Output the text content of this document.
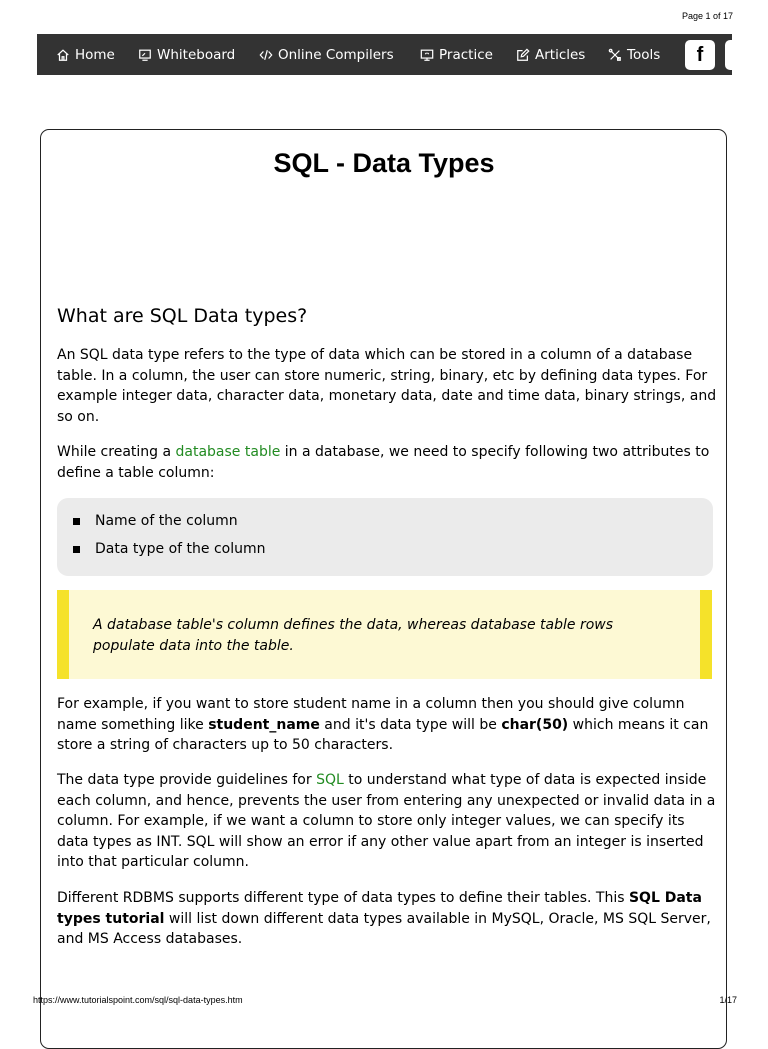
Page 1 of 17
Home	Whiteboard	Online Compilers	Practice	Articles	Tools f
SQL - Data Types
What are SQL Data types?

An SQL data type refers to the type of data which can be stored in a column of a database table. In a column, the user can store numeric, string, binary, etc by defining data types. For example integer data, character data, monetary data, date and time data, binary strings, and so on.

While creating a database table in a database, we need to specify following two attributes to define a table column:

Name of the column
Data type of the column

A database table's column defines the data, whereas database table rows populate data into the table.

For example, if you want to store student name in a column then you should give column name something like student_name and it's data type will be char(50) which means it can store a string of characters up to 50 characters.

The data type provide guidelines for SQL to understand what type of data is expected inside each column, and hence, prevents the user from entering any unexpected or invalid data in a column. For example, if we want a column to store only integer values, we can specify its data types as INT. SQL will show an error if any other value apart from an integer is inserted into that particular column.

Different RDBMS supports different type of data types to define their tables. This SQL Data types tutorial will list down different data types available in MySQL, Oracle, MS SQL Server, and MS Access databases.

https://www.tutorialspoint.com/sql/sql-data-types.htm	1/17
